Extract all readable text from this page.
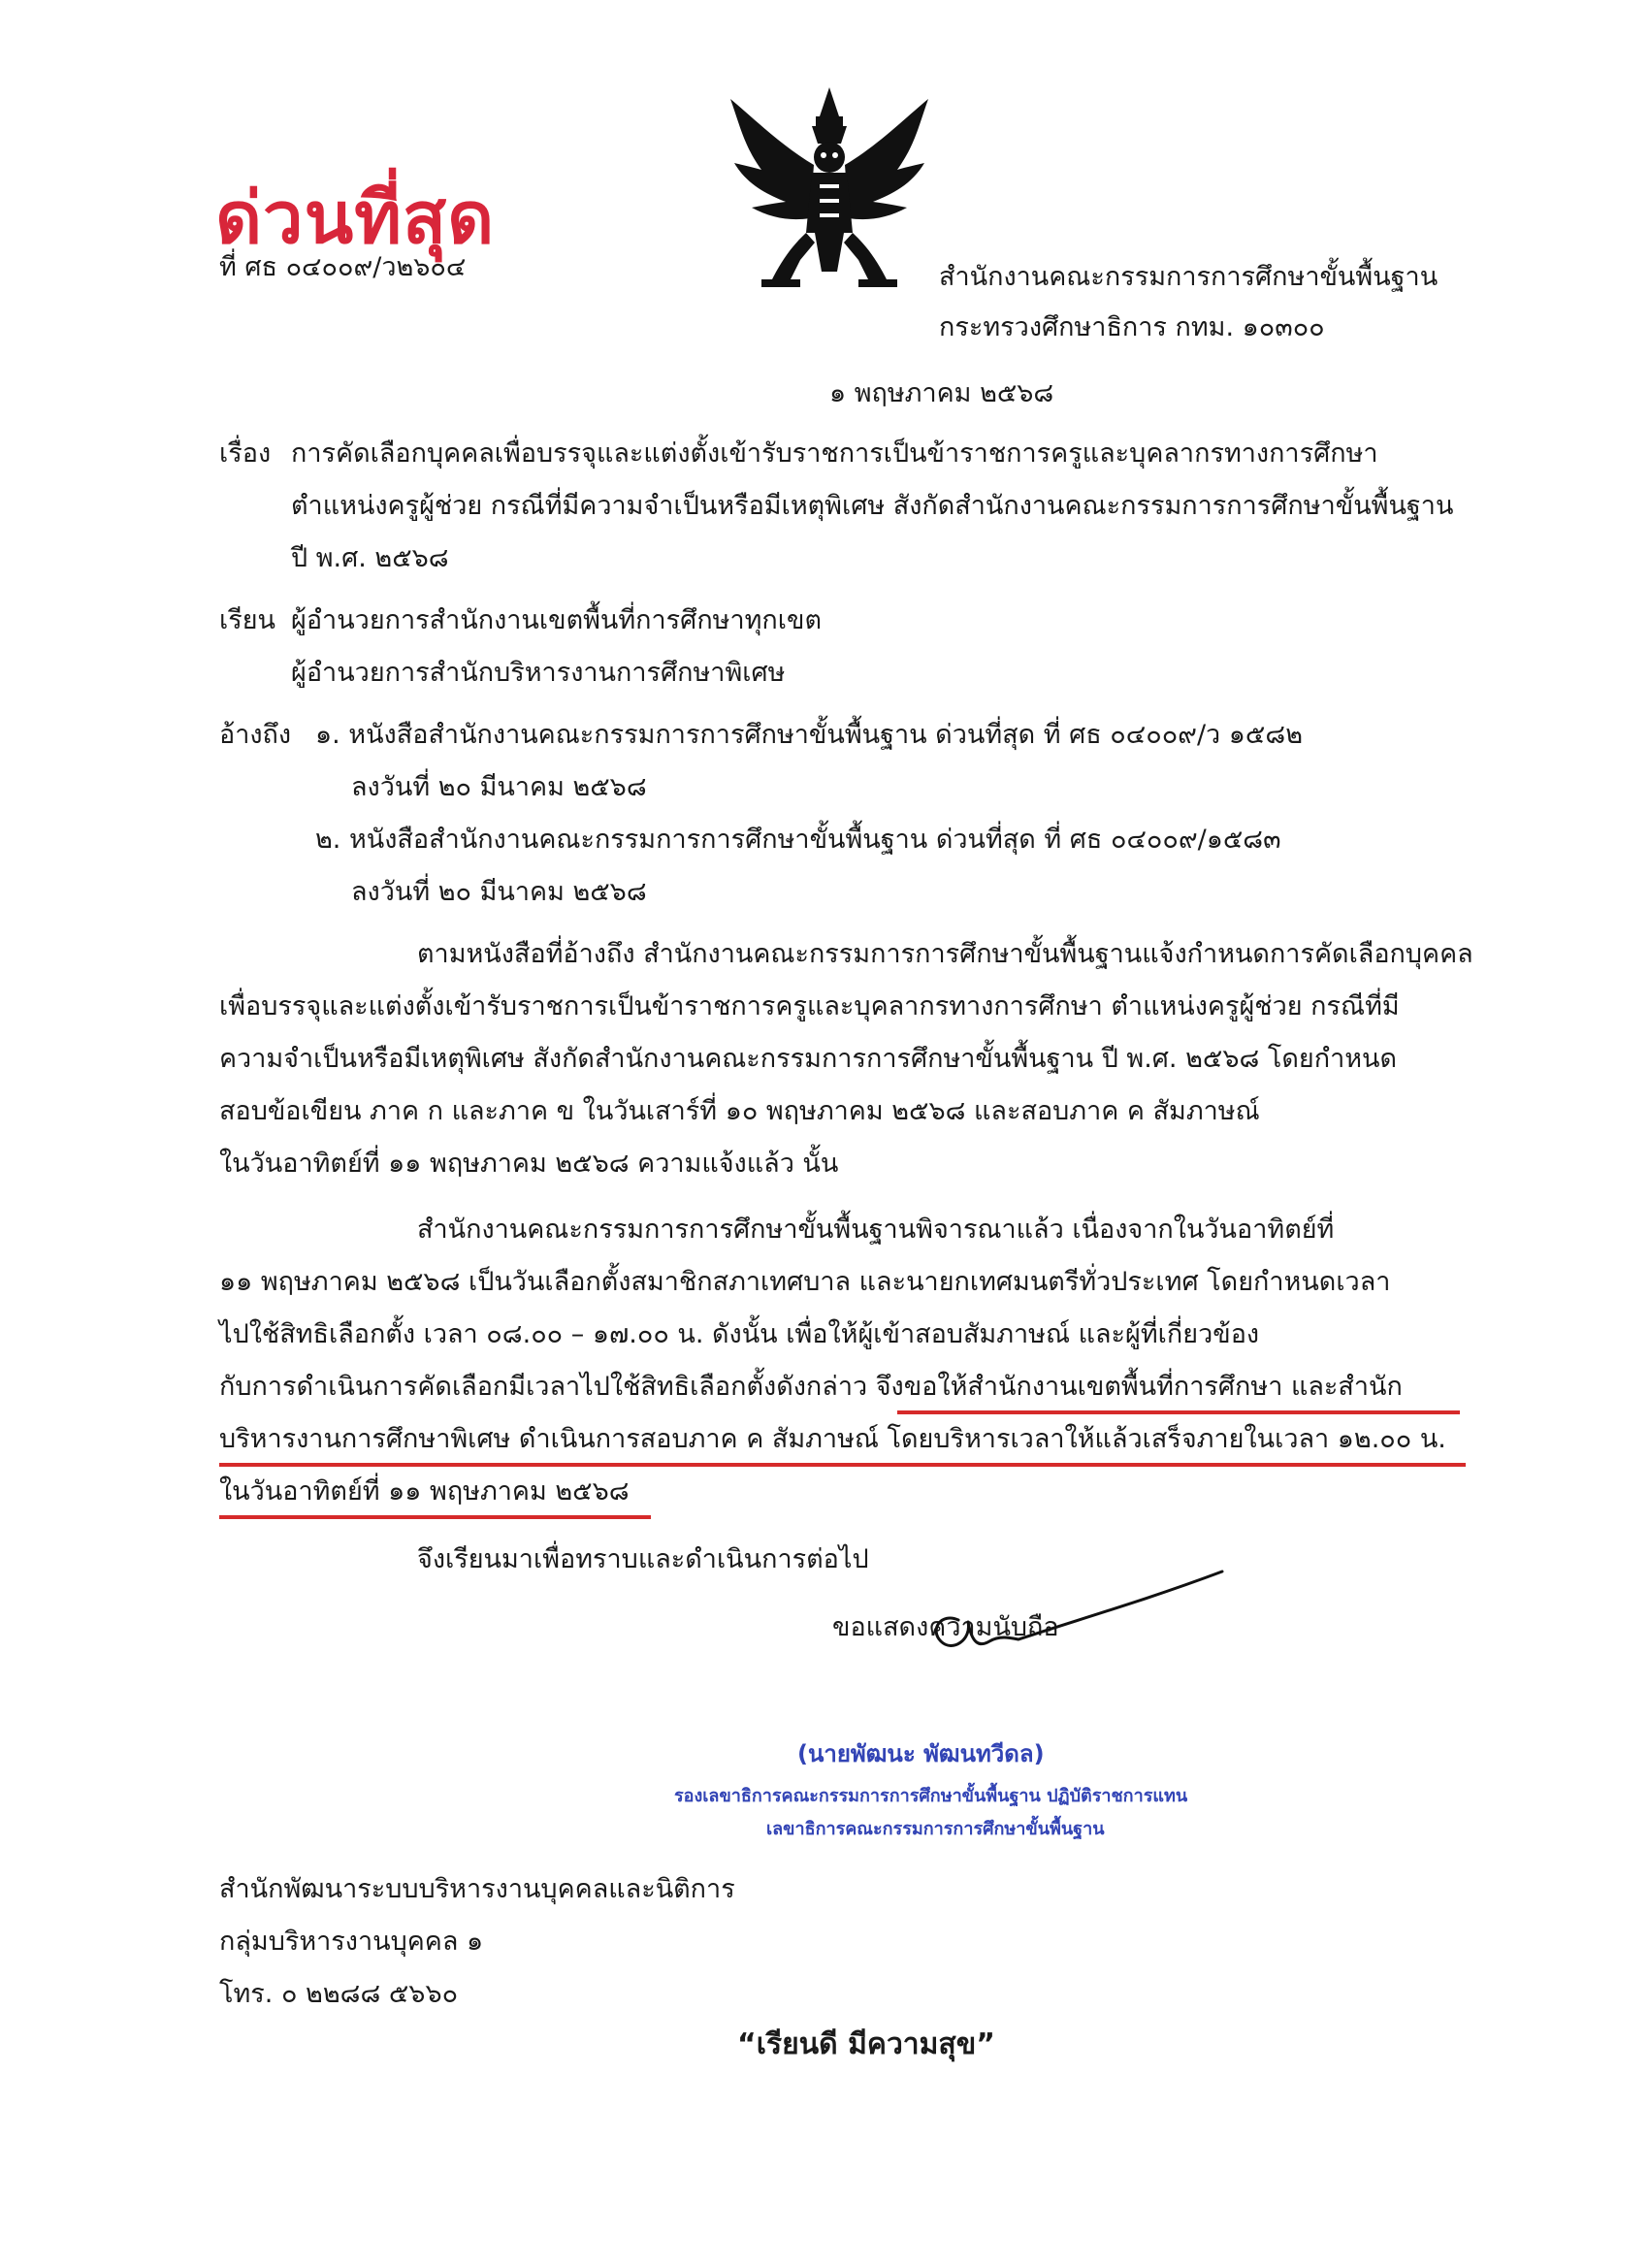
ด่วนที่สุด
ที่ ศธ ๐๔๐๐๙/ว๒๖๐๔	สำนักงานคณะกรรมการการศึกษาขั้นพื้นฐาน
กระทรวงศึกษาธิการ กทม. ๑๐๓๐๐
๑ พฤษภาคม ๒๕๖๘
เรื่อง การคัดเลือกบุคคลเพื่อบรรจุและแต่งตั้งเข้ารับราชการเป็นข้าราชการครูและบุคลากรทางการศึกษา
ตำแหน่งครูผู้ช่วย กรณีที่มีความจำเป็นหรือมีเหตุพิเศษ สังกัดสำนักงานคณะกรรมการการศึกษาขั้นพื้นฐาน
ปี พ.ศ. ๒๕๖๘
เรียน ผู้อำนวยการสำนักงานเขตพื้นที่การศึกษาทุกเขต
ผู้อำนวยการสำนักบริหารงานการศึกษาพิเศษ
อ้างถึง ๑. หนังสือสำนักงานคณะกรรมการการศึกษาขั้นพื้นฐาน ด่วนที่สุด ที่ ศธ ๐๔๐๐๙/ว ๑๕๘๒
ลงวันที่ ๒๐ มีนาคม ๒๕๖๘
๒. หนังสือสำนักงานคณะกรรมการการศึกษาขั้นพื้นฐาน ด่วนที่สุด ที่ ศธ ๐๔๐๐๙/๑๕๘๓
ลงวันที่ ๒๐ มีนาคม ๒๕๖๘
ตามหนังสือที่อ้างถึง สำนักงานคณะกรรมการการศึกษาขั้นพื้นฐานแจ้งกำหนดการคัดเลือกบุคคล
เพื่อบรรจุและแต่งตั้งเข้ารับราชการเป็นข้าราชการครูและบุคลากรทางการศึกษา ตำแหน่งครูผู้ช่วย กรณีที่มี
ความจำเป็นหรือมีเหตุพิเศษ สังกัดสำนักงานคณะกรรมการการศึกษาขั้นพื้นฐาน ปี พ.ศ. ๒๕๖๘ โดยกำหนด
สอบข้อเขียน ภาค ก และภาค ข ในวันเสาร์ที่ ๑๐ พฤษภาคม ๒๕๖๘ และสอบภาค ค สัมภาษณ์
ในวันอาทิตย์ที่ ๑๑ พฤษภาคม ๒๕๖๘ ความแจ้งแล้ว นั้น
สำนักงานคณะกรรมการการศึกษาขั้นพื้นฐานพิจารณาแล้ว เนื่องจากในวันอาทิตย์ที่
๑๑ พฤษภาคม ๒๕๖๘ เป็นวันเลือกตั้งสมาชิกสภาเทศบาล และนายกเทศมนตรีทั่วประเทศ โดยกำหนดเวลา
ไปใช้สิทธิเลือกตั้ง เวลา ๐๘.๐๐ – ๑๗.๐๐ น. ดังนั้น เพื่อให้ผู้เข้าสอบสัมภาษณ์ และผู้ที่เกี่ยวข้อง
กับการดำเนินการคัดเลือกมีเวลาไปใช้สิทธิเลือกตั้งดังกล่าว จึงขอให้สำนักงานเขตพื้นที่การศึกษา และสำนัก
บริหารงานการศึกษาพิเศษ ดำเนินการสอบภาค ค สัมภาษณ์ โดยบริหารเวลาให้แล้วเสร็จภายในเวลา ๑๒.๐๐ น.
ในวันอาทิตย์ที่ ๑๑ พฤษภาคม ๒๕๖๘
จึงเรียนมาเพื่อทราบและดำเนินการต่อไป
ขอแสดงความนับถือ
(นายพัฒนะ พัฒนทวีดล)
รองเลขาธิการคณะกรรมการการศึกษาขั้นพื้นฐาน ปฏิบัติราชการแทน
เลขาธิการคณะกรรมการการศึกษาขั้นพื้นฐาน
สำนักพัฒนาระบบบริหารงานบุคคลและนิติการ
กลุ่มบริหารงานบุคคล ๑
โทร. ๐ ๒๒๘๘ ๕๖๖๐
“เรียนดี มีความสุข”
